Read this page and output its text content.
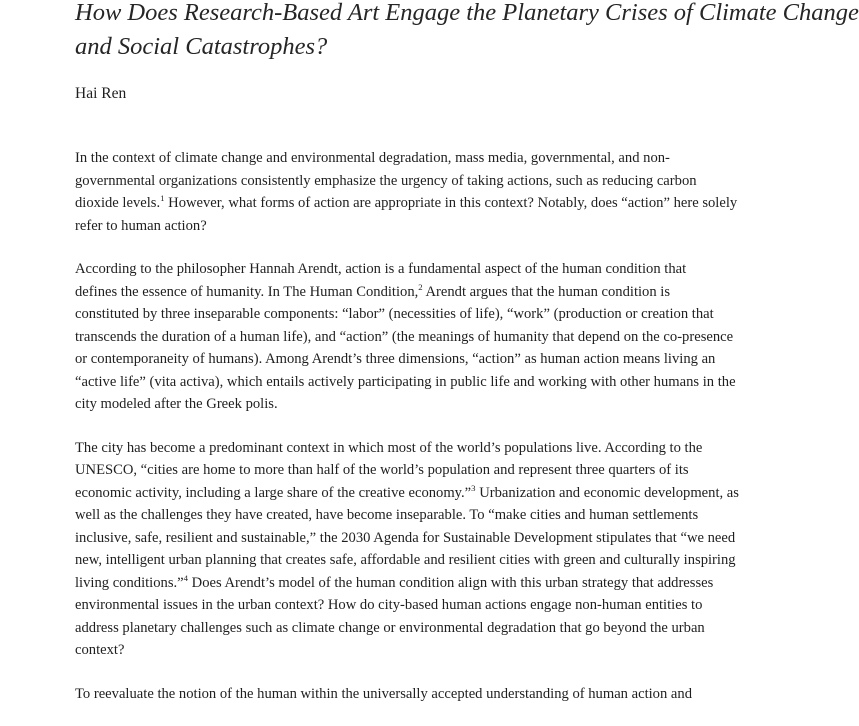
How Does Research-Based Art Engage the Planetary Crises of Climate Change
and Social Catastrophes?

Hai Ren

In the context of climate change and environmental degradation, mass media, governmental, and non-
governmental organizations consistently emphasize the urgency of taking actions, such as reducing carbon
dioxide levels.$^1$ However, what forms of action are appropriate in this context? Notably, does “action” here solely
refer to human action?

According to the philosopher Hannah Arendt, action is a fundamental aspect of the human condition that
defines the essence of humanity. In The Human Condition,$^2$ Arendt argues that the human condition is
constituted by three inseparable components: “labor” (necessities of life), “work” (production or creation that
transcends the duration of a human life), and “action” (the meanings of humanity that depend on the co-presence
or contemporaneity of humans). Among Arendt’s three dimensions, “action” as human action means living an
“active life” (vita activa), which entails actively participating in public life and working with other humans in the
city modeled after the Greek polis.

The city has become a predominant context in which most of the world’s populations live. According to the
UNESCO, “cities are home to more than half of the world’s population and represent three quarters of its
economic activity, including a large share of the creative economy.”$^3$ Urbanization and economic development, as
well as the challenges they have created, have become inseparable. To “make cities and human settlements
inclusive, safe, resilient and sustainable,” the 2030 Agenda for Sustainable Development stipulates that “we need
new, intelligent urban planning that creates safe, affordable and resilient cities with green and culturally inspiring
living conditions.”$^4$ Does Arendt’s model of the human condition align with this urban strategy that addresses
environmental issues in the urban context? How do city-based human actions engage non-human entities to
address planetary challenges such as climate change or environmental degradation that go beyond the urban
context?

To reevaluate the notion of the human within the universally accepted understanding of human action and
